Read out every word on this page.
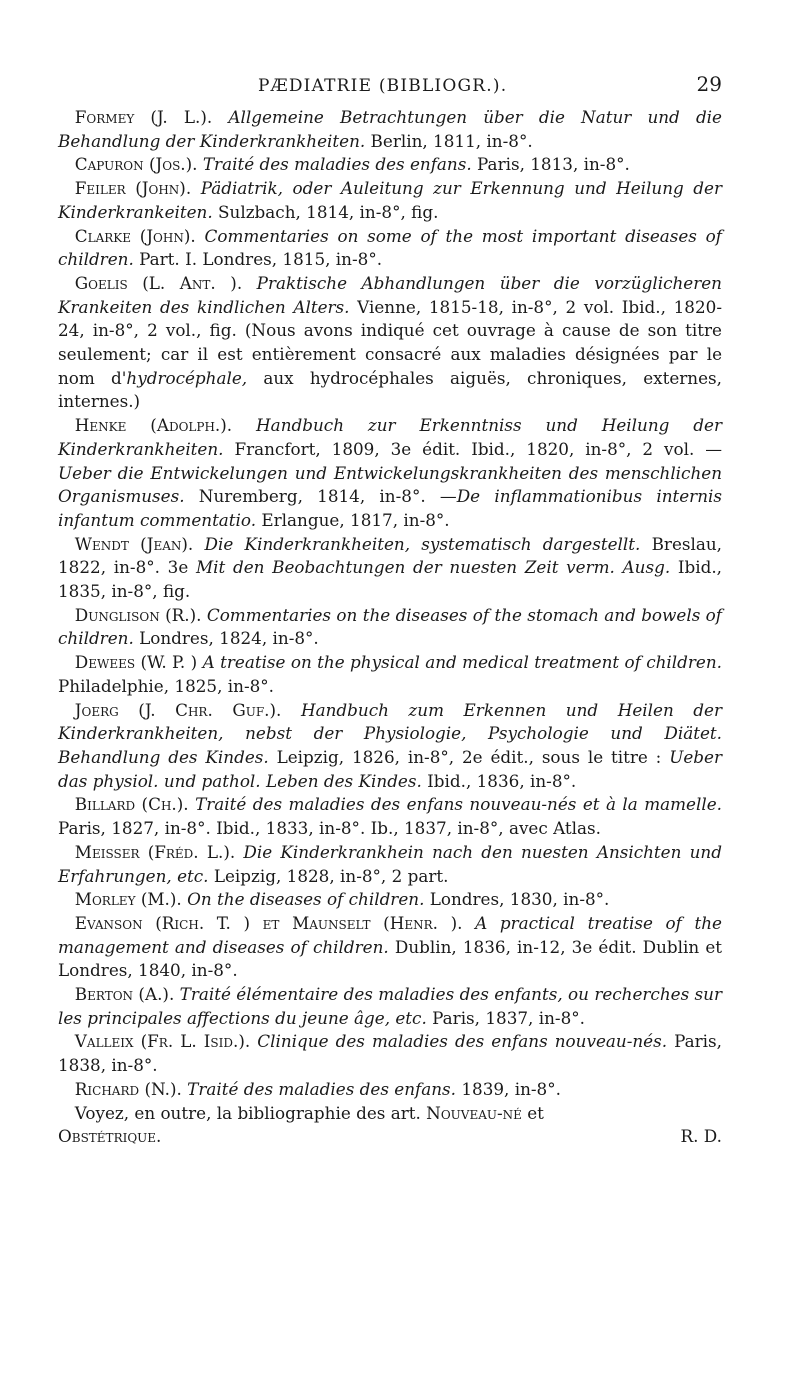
PÆDIATRIE (BIBLIOGR.).	29

 Formey (J. L.). Allgemeine Betrachtungen über die Natur und die Behandlung der Kinderkrankheiten. Berlin, 1811, in-8°.

 Capuron (Jos.). Traité des maladies des enfans. Paris, 1813, in-8°.

 Feiler (John). Pädiatrik, oder Auleitung zur Erkennung und Heilung der Kinderkrankeiten. Sulzbach, 1814, in-8°, fig.

 Clarke (John). Commentaries on some of the most important diseases of children. Part. I. Londres, 1815, in-8°.

 Goelis (L. Ant. ). Praktische Abhandlungen über die vorzüglicheren Krankeiten des kindlichen Alters. Vienne, 1815-18, in-8°, 2 vol. Ibid., 1820-24, in-8°, 2 vol., fig. (Nous avons indiqué cet ouvrage à cause de son titre seulement; car il est entièrement consacré aux maladies désignées par le nom d'hydrocéphale, aux hydrocéphales aiguës, chroniques, externes, internes.)

 Henke (Adolph.). Handbuch zur Erkenntniss und Heilung der Kinderkrankheiten. Francfort, 1809, 3e édit. Ibid., 1820, in-8°, 2 vol. — Ueber die Entwickelungen und Entwickelungskrankheiten des menschlichen Organismuses. Nuremberg, 1814, in-8°. —De inflammationibus internis infantum commentatio. Erlangue, 1817, in-8°.

 Wendt (Jean). Die Kinderkrankheiten, systematisch dargestellt. Breslau, 1822, in-8°. 3e Mit den Beobachtungen der nuesten Zeit verm. Ausg. Ibid., 1835, in-8°, fig.

 Dunglison (R.). Commentaries on the diseases of the stomach and bowels of children. Londres, 1824, in-8°.

 Dewees (W. P. ) A treatise on the physical and medical treatment of children. Philadelphie, 1825, in-8°.

 Joerg (J. Chr. Guf.). Handbuch zum Erkennen und Heilen der Kinderkrankheiten, nebst der Physiologie, Psychologie und Diätet. Behandlung des Kindes. Leipzig, 1826, in-8°, 2e édit., sous le titre : Ueber das physiol. und pathol. Leben des Kindes. Ibid., 1836, in-8°.

 Billard (Ch.). Traité des maladies des enfans nouveau-nés et à la mamelle. Paris, 1827, in-8°. Ibid., 1833, in-8°. Ib., 1837, in-8°, avec Atlas.

 Meisser (Fréd. L.). Die Kinderkrankhein nach den nuesten Ansichten und Erfahrungen, etc. Leipzig, 1828, in-8°, 2 part.

 Morley (M.). On the diseases of children. Londres, 1830, in-8°.

 Evanson (Rich. T. ) et Maunselt (Henr. ). A practical treatise of the management and diseases of children. Dublin, 1836, in-12, 3e édit. Dublin et Londres, 1840, in-8°.

 Berton (A.). Traité élémentaire des maladies des enfants, ou recherches sur les principales affections du jeune âge, etc. Paris, 1837, in-8°.

 Valleix (Fr. L. Isid.). Clinique des maladies des enfans nouveau-nés. Paris, 1838, in-8°.

 Richard (N.). Traité des maladies des enfans. 1839, in-8°.

 Voyez, en outre, la bibliographie des art. Nouveau-né et

Obstétrique.	R. D.
